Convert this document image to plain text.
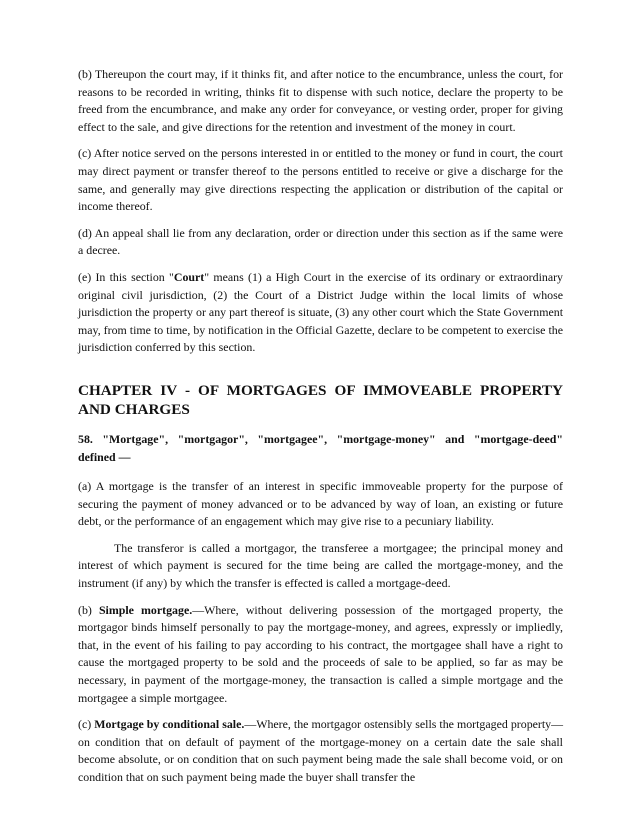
(b) Thereupon the court may, if it thinks fit, and after notice to the encumbrance, unless the court, for reasons to be recorded in writing, thinks fit to dispense with such notice, declare the property to be freed from the encumbrance, and make any order for conveyance, or vesting order, proper for giving effect to the sale, and give directions for the retention and investment of the money in court.

(c) After notice served on the persons interested in or entitled to the money or fund in court, the court may direct payment or transfer thereof to the persons entitled to receive or give a discharge for the same, and generally may give directions respecting the application or distribution of the capital or income thereof.

(d) An appeal shall lie from any declaration, order or direction under this section as if the same were a decree.

(e) In this section "Court" means (1) a High Court in the exercise of its ordinary or extraordinary original civil jurisdiction, (2) the Court of a District Judge within the local limits of whose jurisdiction the property or any part thereof is situate, (3) any other court which the State Government may, from time to time, by notification in the Official Gazette, declare to be competent to exercise the jurisdiction conferred by this section.

CHAPTER IV - OF MORTGAGES OF IMMOVEABLE PROPERTY AND CHARGES

58. "Mortgage", "mortgagor", "mortgagee", "mortgage-money" and "mortgage-deed" defined —

(a) A mortgage is the transfer of an interest in specific immoveable property for the purpose of securing the payment of money advanced or to be advanced by way of loan, an existing or future debt, or the performance of an engagement which may give rise to a pecuniary liability.

The transferor is called a mortgagor, the transferee a mortgagee; the principal money and interest of which payment is secured for the time being are called the mortgage-money, and the instrument (if any) by which the transfer is effected is called a mortgage-deed.

(b) Simple mortgage.—Where, without delivering possession of the mortgaged property, the mortgagor binds himself personally to pay the mortgage-money, and agrees, expressly or impliedly, that, in the event of his failing to pay according to his contract, the mortgagee shall have a right to cause the mortgaged property to be sold and the proceeds of sale to be applied, so far as may be necessary, in payment of the mortgage-money, the transaction is called a simple mortgage and the mortgagee a simple mortgagee.

(c) Mortgage by conditional sale.—Where, the mortgagor ostensibly sells the mortgaged property— on condition that on default of payment of the mortgage-money on a certain date the sale shall become absolute, or on condition that on such payment being made the sale shall become void, or on condition that on such payment being made the buyer shall transfer the
